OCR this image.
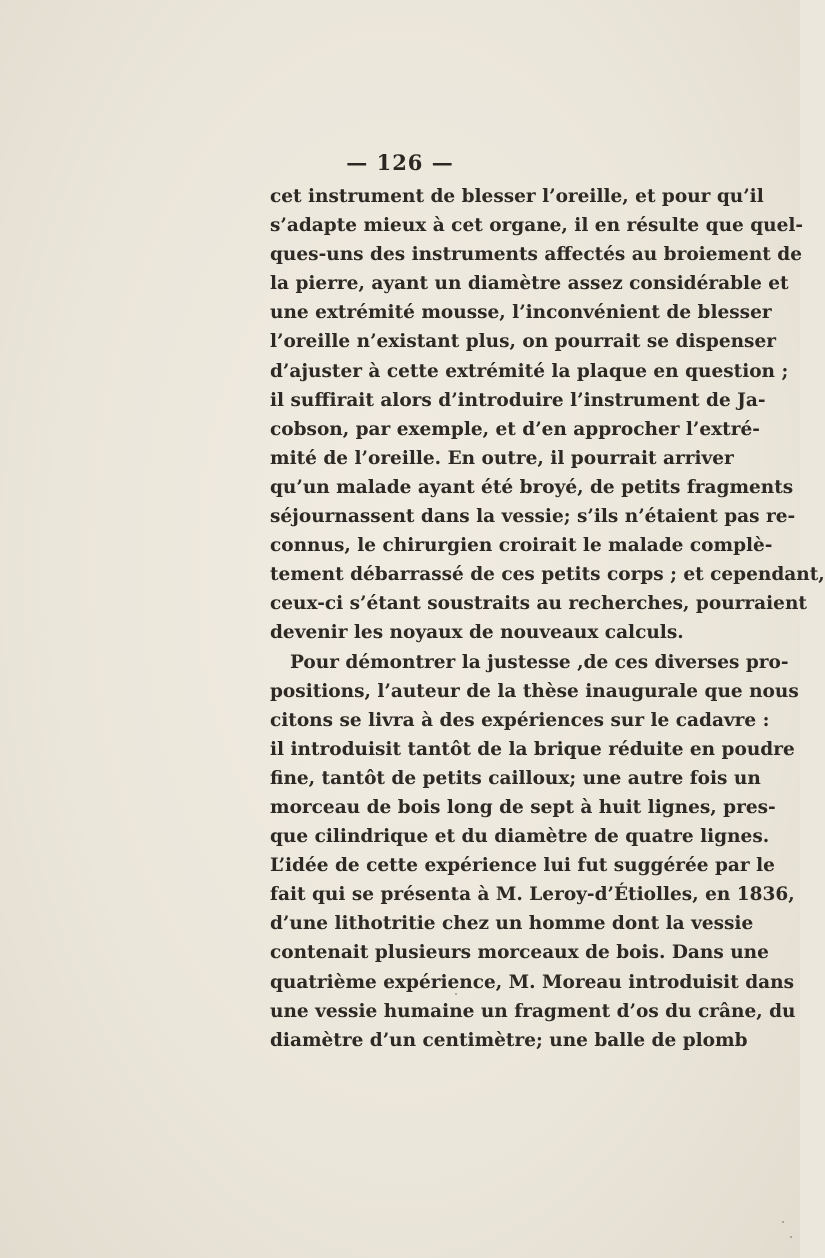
— 126 —
cet instrument de blesser l’oreille, et pour qu’il
s’adapte mieux à cet organe, il en résulte que quel-
ques-uns des instruments affectés au broiement de
la pierre, ayant un diamètre assez considérable et
une extrémité mousse, l’inconvénient de blesser
l’oreille n’existant plus, on pourrait se dispenser
d’ajuster à cette extrémité la plaque en question ;
il suffirait alors d’introduire l’instrument de Ja-
cobson, par exemple, et d’en approcher l’extré-
mité de l’oreille. En outre, il pourrait arriver
qu’un malade ayant été broyé, de petits fragments
séjournassent dans la vessie; s’ils n’étaient pas re-
connus, le chirurgien croirait le malade complè-
tement débarrassé de ces petits corps ; et cependant,
ceux-ci s’étant soustraits au recherches, pourraient
devenir les noyaux de nouveaux calculs.
Pour démontrer la justesse ,de ces diverses pro-
positions, l’auteur de la thèse inaugurale que nous
citons se livra à des expériences sur le cadavre :
il introduisit tantôt de la brique réduite en poudre
fine, tantôt de petits cailloux; une autre fois un
morceau de bois long de sept à huit lignes, pres-
que cilindrique et du diamètre de quatre lignes.
L’idée de cette expérience lui fut suggérée par le
fait qui se présenta à M. Leroy-d’Étiolles, en 1836,
d’une lithotritie chez un homme dont la vessie
contenait plusieurs morceaux de bois. Dans une
quatrième expérience, M. Moreau introduisit dans
une vessie humaine un fragment d’os du crâne, du
diamètre d’un centimètre; une balle de plomb
